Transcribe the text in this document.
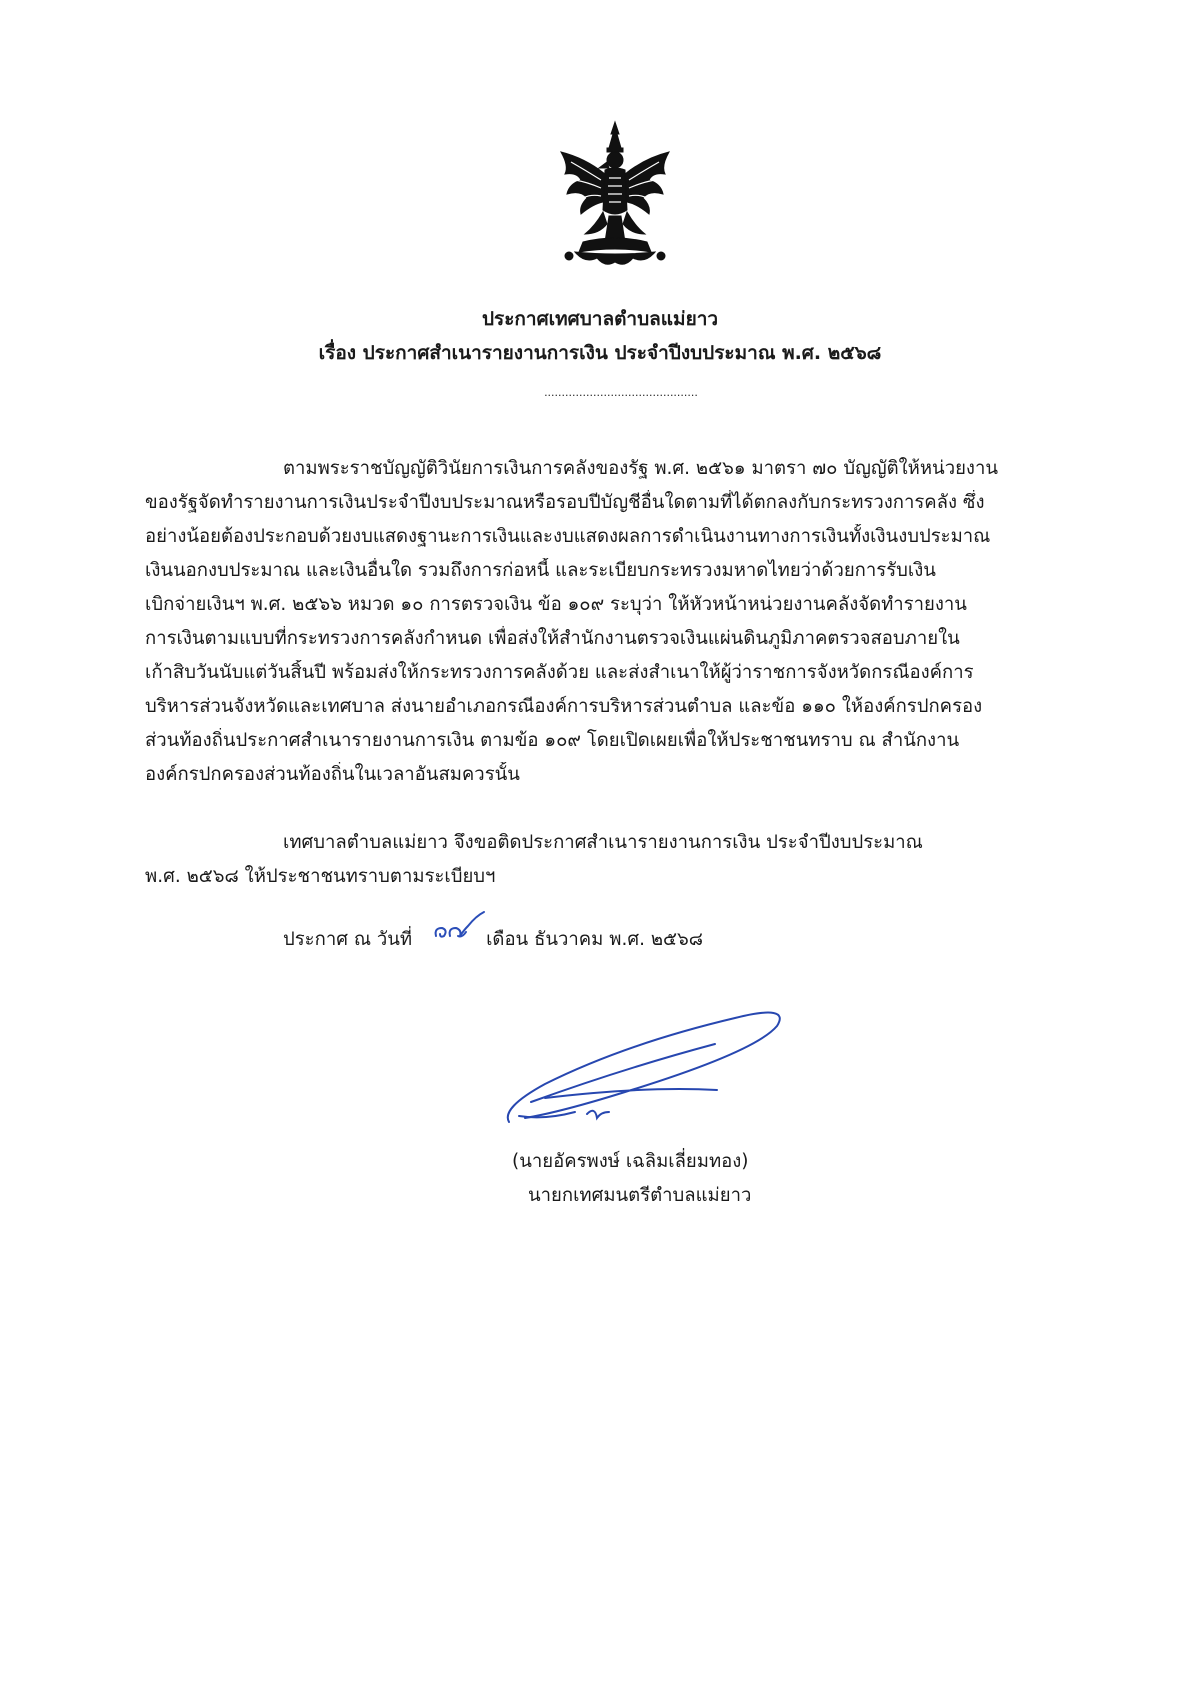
ประกาศเทศบาลตำบลแม่ยาว
เรื่อง ประกาศสำเนารายงานการเงิน ประจำปีงบประมาณ พ.ศ. ๒๕๖๘
............................................
ตามพระราชบัญญัติวินัยการเงินการคลังของรัฐ พ.ศ. ๒๕๖๑ มาตรา ๗๐ บัญญัติให้หน่วยงาน
ของรัฐจัดทำรายงานการเงินประจำปีงบประมาณหรือรอบปีบัญชีอื่นใดตามที่ได้ตกลงกับกระทรวงการคลัง ซึ่ง
อย่างน้อยต้องประกอบด้วยงบแสดงฐานะการเงินและงบแสดงผลการดำเนินงานทางการเงินทั้งเงินงบประมาณ
เงินนอกงบประมาณ และเงินอื่นใด รวมถึงการก่อหนี้ และระเบียบกระทรวงมหาดไทยว่าด้วยการรับเงิน
เบิกจ่ายเงินฯ พ.ศ. ๒๕๖๖ หมวด ๑๐ การตรวจเงิน ข้อ ๑๐๙ ระบุว่า ให้หัวหน้าหน่วยงานคลังจัดทำรายงาน
การเงินตามแบบที่กระทรวงการคลังกำหนด เพื่อส่งให้สำนักงานตรวจเงินแผ่นดินภูมิภาคตรวจสอบภายใน
เก้าสิบวันนับแต่วันสิ้นปี พร้อมส่งให้กระทรวงการคลังด้วย และส่งสำเนาให้ผู้ว่าราชการจังหวัดกรณีองค์การ
บริหารส่วนจังหวัดและเทศบาล ส่งนายอำเภอกรณีองค์การบริหารส่วนตำบล และข้อ ๑๑๐ ให้องค์กรปกครอง
ส่วนท้องถิ่นประกาศสำเนารายงานการเงิน ตามข้อ ๑๐๙ โดยเปิดเผยเพื่อให้ประชาชนทราบ ณ สำนักงาน
องค์กรปกครองส่วนท้องถิ่นในเวลาอันสมควรนั้น
เทศบาลตำบลแม่ยาว จึงขอติดประกาศสำเนารายงานการเงิน ประจำปีงบประมาณ
พ.ศ. ๒๕๖๘ ให้ประชาชนทราบตามระเบียบฯ
ประกาศ ณ วันที่	เดือน ธันวาคม พ.ศ. ๒๕๖๘
(นายอัครพงษ์ เฉลิมเลี่ยมทอง)
นายกเทศมนตรีตำบลแม่ยาว
